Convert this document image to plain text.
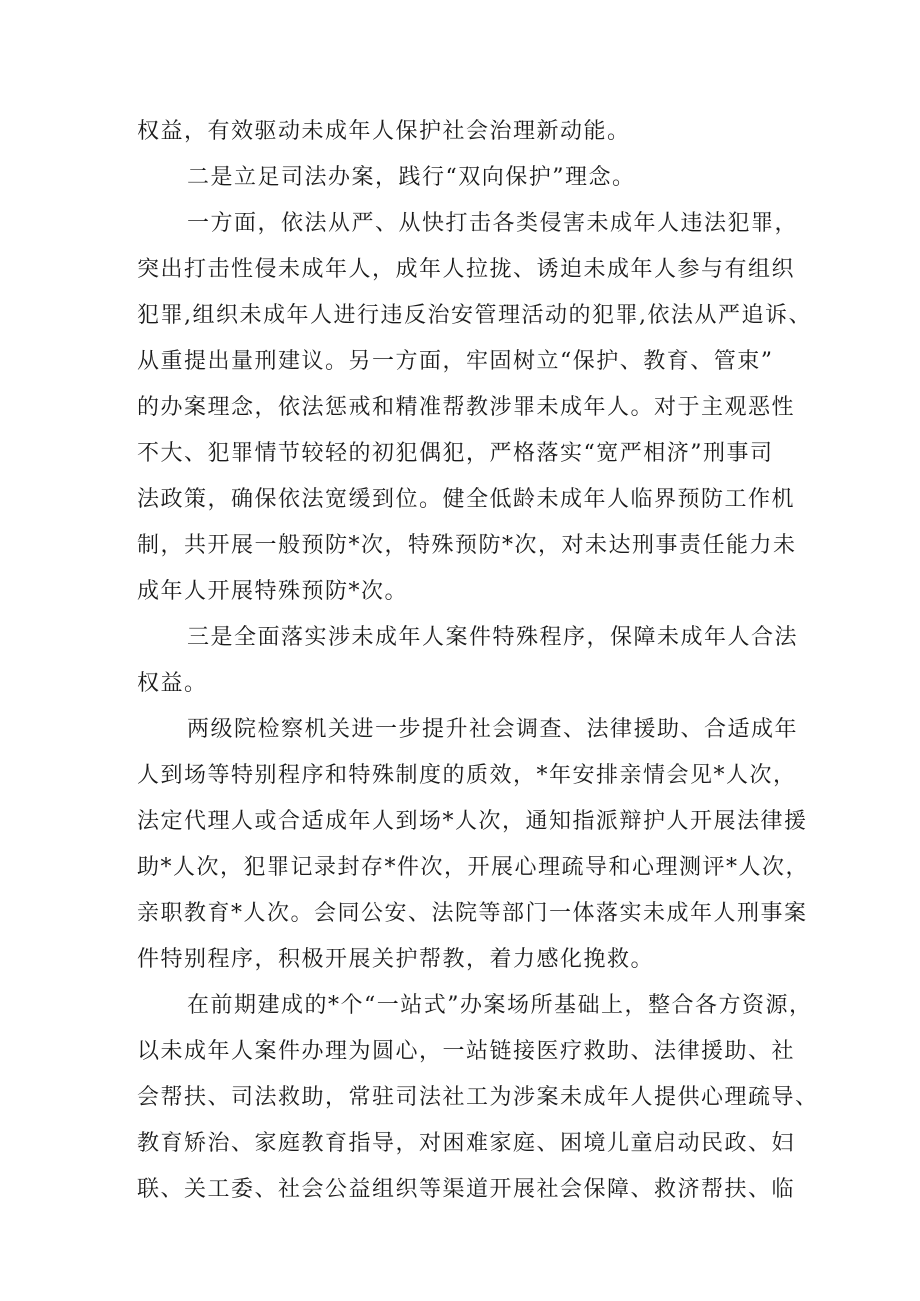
权益，有效驱动未成年人保护社会治理新动能。
二是立足司法办案，践行“双向保护”理念。
一方面，依法从严、从快打击各类侵害未成年人违法犯罪，
突出打击性侵未成年人，成年人拉拢、诱迫未成年人参与有组织
犯罪,组织未成年人进行违反治安管理活动的犯罪,依法从严追诉、
从重提出量刑建议。另一方面，牢固树立“保护、教育、管束”
的办案理念，依法惩戒和精准帮教涉罪未成年人。对于主观恶性
不大、犯罪情节较轻的初犯偶犯，严格落实“宽严相济”刑事司
法政策，确保依法宽缓到位。健全低龄未成年人临界预防工作机
制，共开展一般预防*次，特殊预防*次，对未达刑事责任能力未
成年人开展特殊预防*次。
三是全面落实涉未成年人案件特殊程序，保障未成年人合法
权益。
两级院检察机关进一步提升社会调查、法律援助、合适成年
人到场等特别程序和特殊制度的质效，*年安排亲情会见*人次，
法定代理人或合适成年人到场*人次，通知指派辩护人开展法律援
助*人次，犯罪记录封存*件次，开展心理疏导和心理测评*人次，
亲职教育*人次。会同公安、法院等部门一体落实未成年人刑事案
件特别程序，积极开展关护帮教，着力感化挽救。
在前期建成的*个“一站式”办案场所基础上，整合各方资源，
以未成年人案件办理为圆心，一站链接医疗救助、法律援助、社
会帮扶、司法救助，常驻司法社工为涉案未成年人提供心理疏导、
教育矫治、家庭教育指导，对困难家庭、困境儿童启动民政、妇
联、关工委、社会公益组织等渠道开展社会保障、救济帮扶、临
